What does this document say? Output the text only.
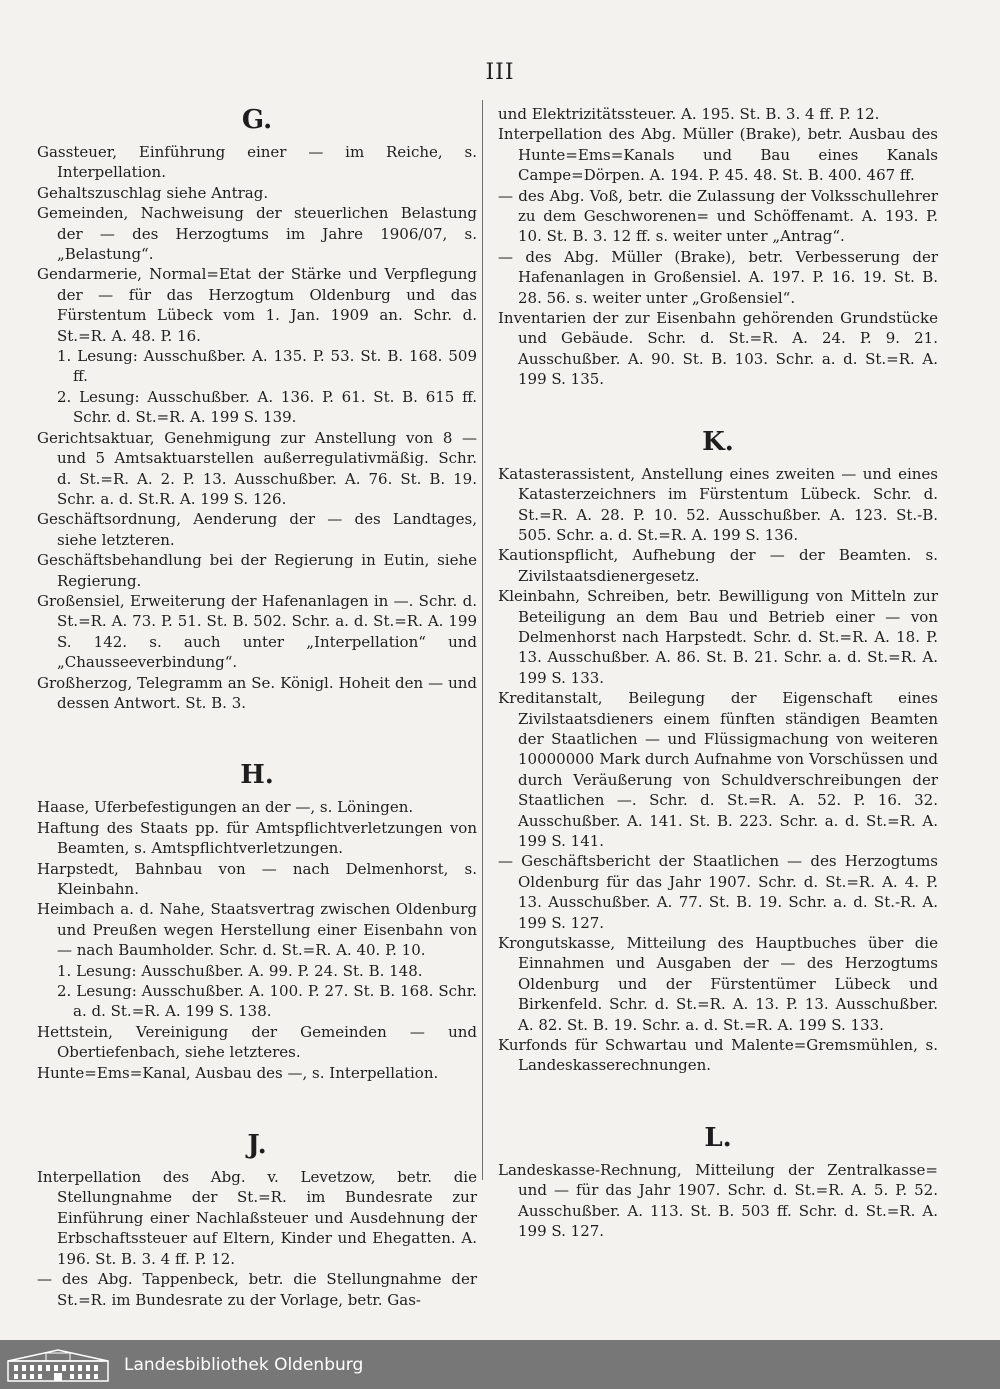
III
G.

Gassteuer, Einführung einer — im Reiche, s. Interpellation.

Gehaltszuschlag siehe Antrag.

Gemeinden, Nachweisung der steuerlichen Belastung der — des Herzogtums im Jahre 1906/07, s. „Belastung“.

Gendarmerie, Normal=Etat der Stärke und Verpflegung der — für das Herzogtum Oldenburg und das Fürstentum Lübeck vom 1. Jan. 1909 an. Schr. d. St.=R. A. 48. P. 16.

1. Lesung: Ausschußber. A. 135. P. 53. St. B. 168. 509 ff.

2. Lesung: Ausschußber. A. 136. P. 61. St. B. 615 ff. Schr. d. St.=R. A. 199 S. 139.

Gerichtsaktuar, Genehmigung zur Anstellung von 8 — und 5 Amtsaktuarstellen außerregulativmäßig. Schr. d. St.=R. A. 2. P. 13. Ausschußber. A. 76. St. B. 19. Schr. a. d. St.R. A. 199 S. 126.

Geschäftsordnung, Aenderung der — des Landtages, siehe letzteren.

Geschäftsbehandlung bei der Regierung in Eutin, siehe Regierung.

Großensiel, Erweiterung der Hafenanlagen in —. Schr. d. St.=R. A. 73. P. 51. St. B. 502. Schr. a. d. St.=R. A. 199 S. 142. s. auch unter „Interpellation“ und „Chausseeverbindung“.

Großherzog, Telegramm an Se. Königl. Hoheit den — und dessen Antwort. St. B. 3.

H.

Haase, Uferbefestigungen an der —, s. Löningen.

Haftung des Staats pp. für Amtspflichtverletzungen von Beamten, s. Amtspflichtverletzungen.

Harpstedt, Bahnbau von — nach Delmenhorst, s. Kleinbahn.

Heimbach a. d. Nahe, Staatsvertrag zwischen Oldenburg und Preußen wegen Herstellung einer Eisenbahn von — nach Baumholder. Schr. d. St.=R. A. 40. P. 10.

1. Lesung: Ausschußber. A. 99. P. 24. St. B. 148.

2. Lesung: Ausschußber. A. 100. P. 27. St. B. 168. Schr. a. d. St.=R. A. 199 S. 138.

Hettstein, Vereinigung der Gemeinden — und Obertiefenbach, siehe letzteres.

Hunte=Ems=Kanal, Ausbau des —, s. Interpellation.

J.

Interpellation des Abg. v. Levetzow, betr. die Stellungnahme der St.=R. im Bundesrate zur Einführung einer Nachlaßsteuer und Ausdehnung der Erbschaftssteuer auf Eltern, Kinder und Ehegatten. A. 196. St. B. 3. 4 ff. P. 12.

— des Abg. Tappenbeck, betr. die Stellungnahme der St.=R. im Bundesrate zu der Vorlage, betr. Gas-

und Elektrizitätssteuer. A. 195. St. B. 3. 4 ff. P. 12.

Interpellation des Abg. Müller (Brake), betr. Ausbau des Hunte=Ems=Kanals und Bau eines Kanals Campe=Dörpen. A. 194. P. 45. 48. St. B. 400. 467 ff.

— des Abg. Voß, betr. die Zulassung der Volksschullehrer zu dem Geschworenen= und Schöffenamt. A. 193. P. 10. St. B. 3. 12 ff. s. weiter unter „Antrag“.

— des Abg. Müller (Brake), betr. Verbesserung der Hafenanlagen in Großensiel. A. 197. P. 16. 19. St. B. 28. 56. s. weiter unter „Großensiel“.

Inventarien der zur Eisenbahn gehörenden Grundstücke und Gebäude. Schr. d. St.=R. A. 24. P. 9. 21. Ausschußber. A. 90. St. B. 103. Schr. a. d. St.=R. A. 199 S. 135.

K.

Katasterassistent, Anstellung eines zweiten — und eines Katasterzeichners im Fürstentum Lübeck. Schr. d. St.=R. A. 28. P. 10. 52. Ausschußber. A. 123. St.-B. 505. Schr. a. d. St.=R. A. 199 S. 136.

Kautionspflicht, Aufhebung der — der Beamten. s. Zivilstaatsdienergesetz.

Kleinbahn, Schreiben, betr. Bewilligung von Mitteln zur Beteiligung an dem Bau und Betrieb einer — von Delmenhorst nach Harpstedt. Schr. d. St.=R. A. 18. P. 13. Ausschußber. A. 86. St. B. 21. Schr. a. d. St.=R. A. 199 S. 133.

Kreditanstalt, Beilegung der Eigenschaft eines Zivilstaatsdieners einem fünften ständigen Beamten der Staatlichen — und Flüssigmachung von weiteren 10000000 Mark durch Aufnahme von Vorschüssen und durch Veräußerung von Schuldverschreibungen der Staatlichen —. Schr. d. St.=R. A. 52. P. 16. 32. Ausschußber. A. 141. St. B. 223. Schr. a. d. St.=R. A. 199 S. 141.

— Geschäftsbericht der Staatlichen — des Herzogtums Oldenburg für das Jahr 1907. Schr. d. St.=R. A. 4. P. 13. Ausschußber. A. 77. St. B. 19. Schr. a. d. St.-R. A. 199 S. 127.

Krongutskasse, Mitteilung des Hauptbuches über die Einnahmen und Ausgaben der — des Herzogtums Oldenburg und der Fürstentümer Lübeck und Birkenfeld. Schr. d. St.=R. A. 13. P. 13. Ausschußber. A. 82. St. B. 19. Schr. a. d. St.=R. A. 199 S. 133.

Kurfonds für Schwartau und Malente=Gremsmühlen, s. Landeskasserechnungen.

L.

Landeskasse-Rechnung, Mitteilung der Zentralkasse= und — für das Jahr 1907. Schr. d. St.=R. A. 5. P. 52. Ausschußber. A. 113. St. B. 503 ff. Schr. d. St.=R. A. 199 S. 127.

Landesbibliothek Oldenburg
